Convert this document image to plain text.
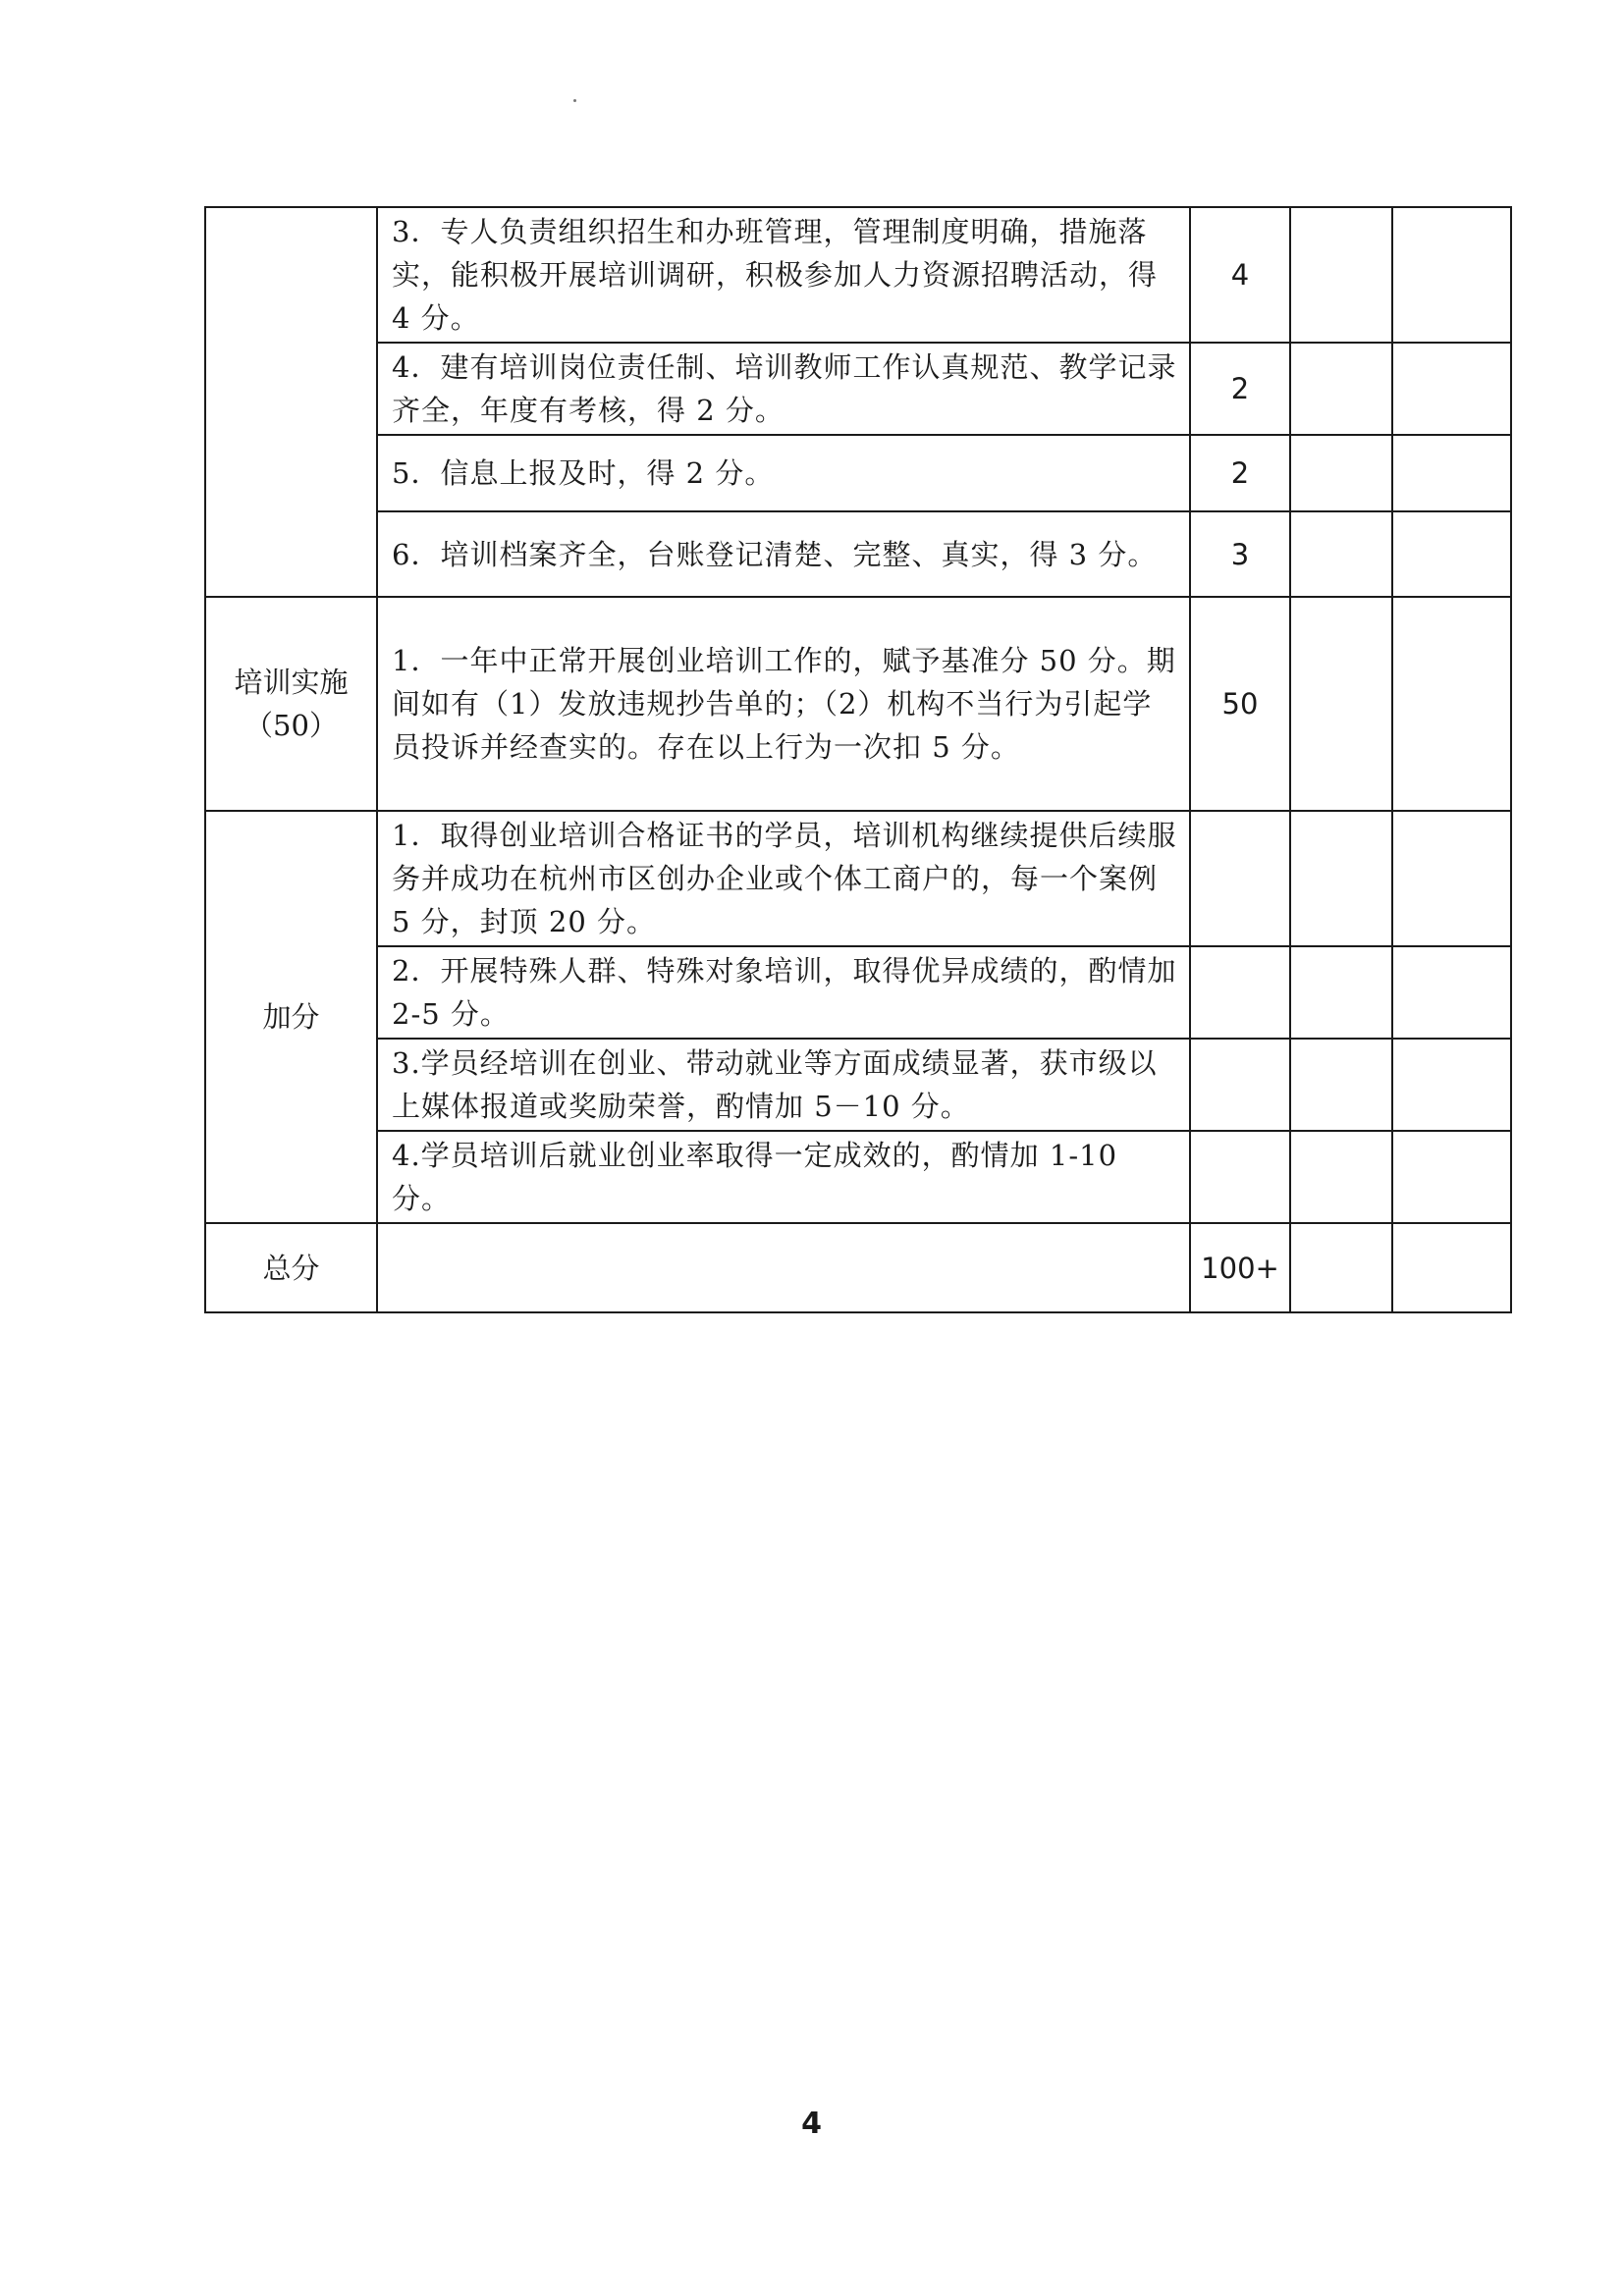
	3．专人负责组织招生和办班管理，管理制度明确，措施落实，能积极开展培训调研，积极参加人力资源招聘活动，得 4 分。	4		
	4．建有培训岗位责任制、培训教师工作认真规范、教学记录齐全，年度有考核，得 2 分。	2		
	5．信息上报及时，得 2 分。	2		
	6．培训档案齐全，台账登记清楚、完整、真实，得 3 分。	3		
培训实施（50）	1．一年中正常开展创业培训工作的，赋予基准分 50 分。期间如有（1）发放违规抄告单的；（2）机构不当行为引起学员投诉并经查实的。存在以上行为一次扣 5 分。	50		
加分	1．取得创业培训合格证书的学员，培训机构继续提供后续服务并成功在杭州市区创办企业或个体工商户的，每一个案例 5 分，封顶 20 分。			
	2．开展特殊人群、特殊对象培训，取得优异成绩的，酌情加 2-5 分。			
	3.学员经培训在创业、带动就业等方面成绩显著，获市级以上媒体报道或奖励荣誉，酌情加 5－10 分。			
	4.学员培训后就业创业率取得一定成效的，酌情加 1-10 分。			
总分		100+		
4
